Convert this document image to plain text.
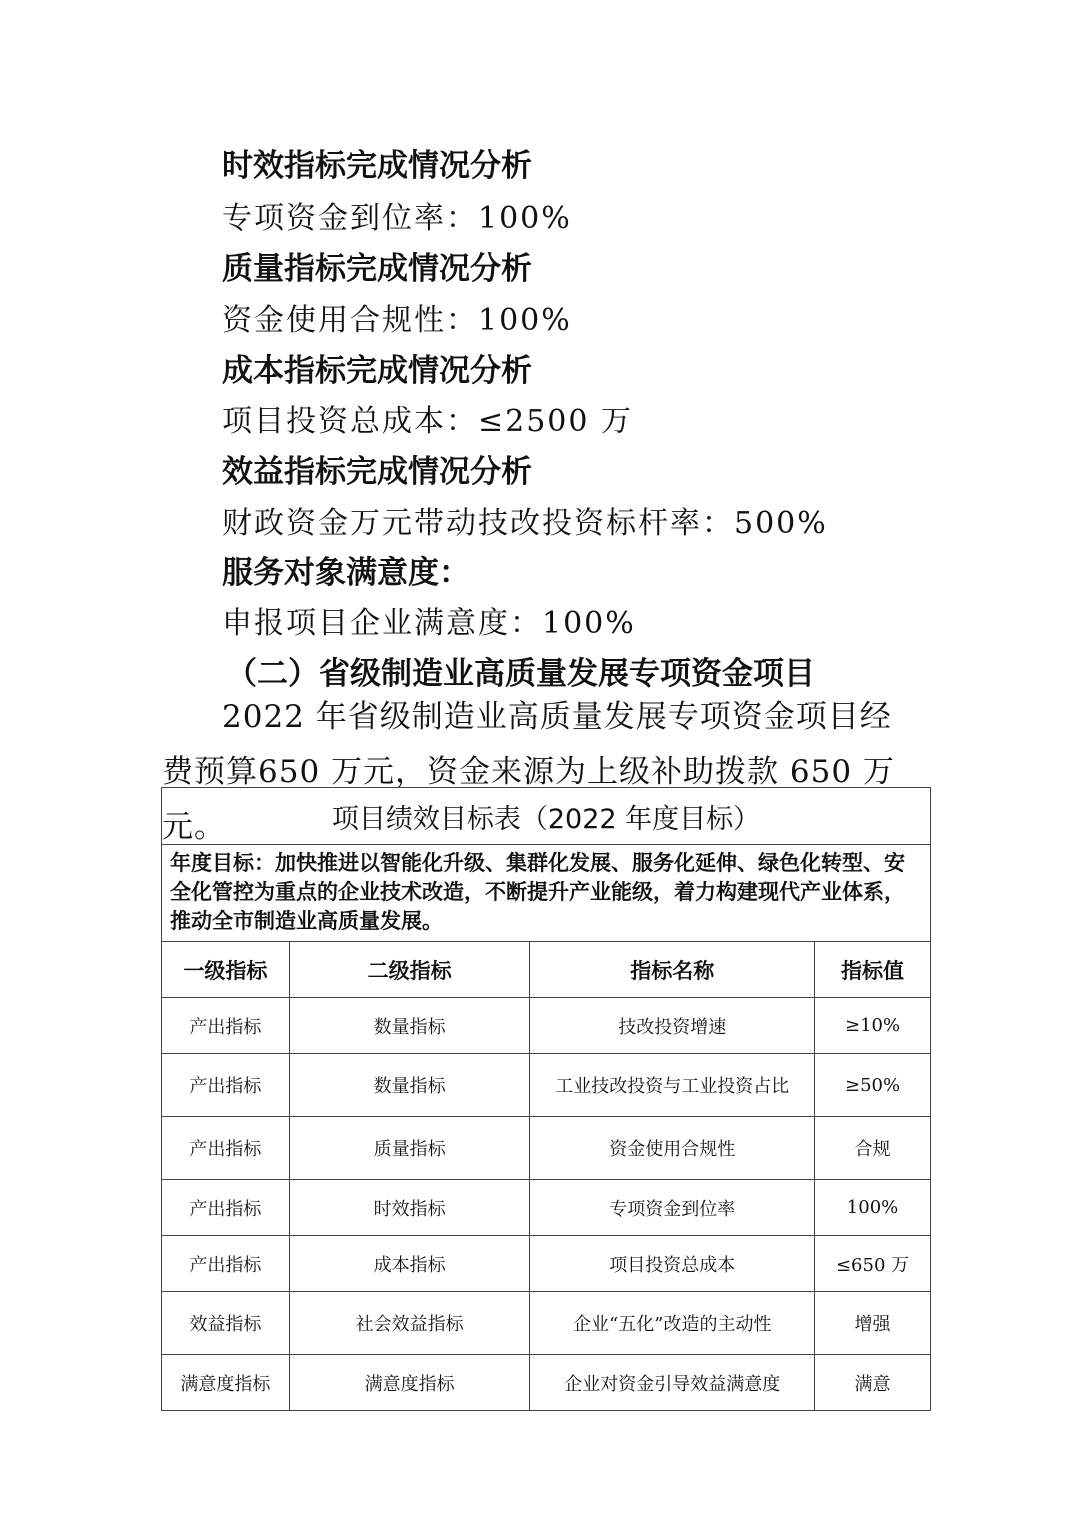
时效指标完成情况分析
专项资金到位率：100%
质量指标完成情况分析
资金使用合规性：100%
成本指标完成情况分析
项目投资总成本：≤2500 万
效益指标完成情况分析
财政资金万元带动技改投资标杆率：500%
服务对象满意度：
申报项目企业满意度：100%
（二）省级制造业高质量发展专项资金项目
2022 年省级制造业高质量发展专项资金项目经费预算650 万元，资金来源为上级补助拨款 650 万元。	项目绩效目标表（2022 年度目标）			
年度目标：加快推进以智能化升级、集群化发展、服务化延伸、绿色化转型、安全化管控为重点的企业技术改造，不断提升产业能级，着力构建现代产业体系，推动全市制造业高质量发展。			
一级指标	二级指标	指标名称	指标值
产出指标	数量指标	技改投资增速	≥10%
产出指标	数量指标	工业技改投资与工业投资占比	≥50%
产出指标	质量指标	资金使用合规性	合规
产出指标	时效指标	专项资金到位率	100%
产出指标	成本指标	项目投资总成本	≤650 万
效益指标	社会效益指标	企业“五化”改造的主动性	增强
满意度指标	满意度指标	企业对资金引导效益满意度	满意
